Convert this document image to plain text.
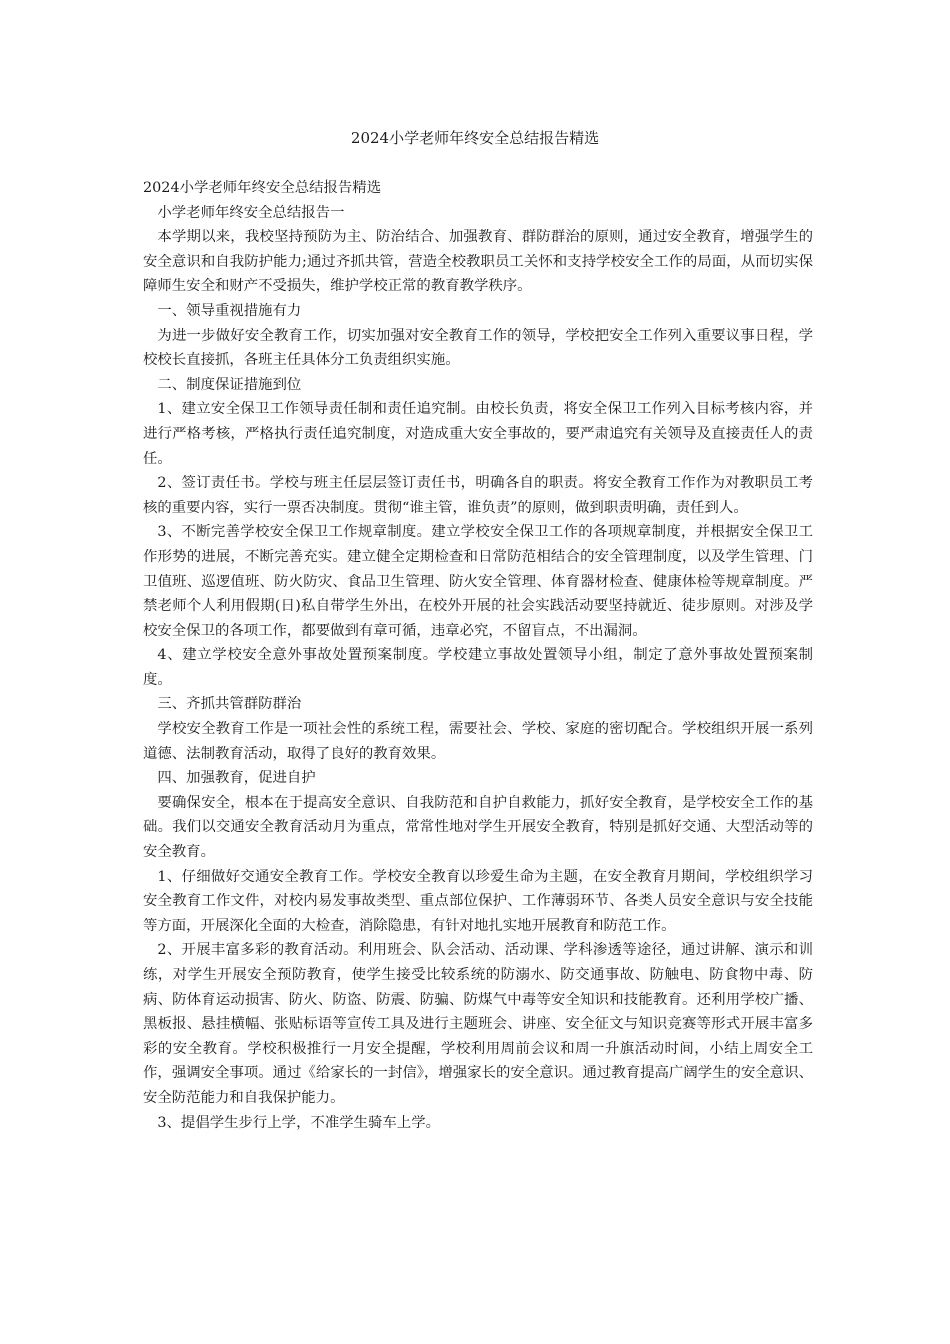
2024小学老师年终安全总结报告精选

2024小学老师年终安全总结报告精选

小学老师年终安全总结报告一

本学期以来，我校坚持预防为主、防治结合、加强教育、群防群治的原则，通过安全教育，增强学生的安全意识和自我防护能力;通过齐抓共管，营造全校教职员工关怀和支持学校安全工作的局面，从而切实保障师生安全和财产不受损失，维护学校正常的教育教学秩序。

一、领导重视措施有力

为进一步做好安全教育工作，切实加强对安全教育工作的领导，学校把安全工作列入重要议事日程，学校校长直接抓，各班主任具体分工负责组织实施。

二、制度保证措施到位

1、建立安全保卫工作领导责任制和责任追究制。由校长负责，将安全保卫工作列入目标考核内容，并进行严格考核，严格执行责任追究制度，对造成重大安全事故的，要严肃追究有关领导及直接责任人的责任。

2、签订责任书。学校与班主任层层签订责任书，明确各自的职责。将安全教育工作作为对教职员工考核的重要内容，实行一票否决制度。贯彻“谁主管，谁负责”的原则，做到职责明确，责任到人。

3、不断完善学校安全保卫工作规章制度。建立学校安全保卫工作的各项规章制度，并根据安全保卫工作形势的进展，不断完善充实。建立健全定期检查和日常防范相结合的安全管理制度，以及学生管理、门卫值班、巡逻值班、防火防灾、食品卫生管理、防火安全管理、体育器材检查、健康体检等规章制度。严禁老师个人利用假期(日)私自带学生外出，在校外开展的社会实践活动要坚持就近、徒步原则。对涉及学校安全保卫的各项工作，都要做到有章可循，违章必究，不留盲点，不出漏洞。

4、建立学校安全意外事故处置预案制度。学校建立事故处置领导小组，制定了意外事故处置预案制度。

三、齐抓共管群防群治

学校安全教育工作是一项社会性的系统工程，需要社会、学校、家庭的密切配合。学校组织开展一系列道德、法制教育活动，取得了良好的教育效果。

四、加强教育，促进自护

要确保安全，根本在于提高安全意识、自我防范和自护自救能力，抓好安全教育，是学校安全工作的基础。我们以交通安全教育活动月为重点，常常性地对学生开展安全教育，特别是抓好交通、大型活动等的安全教育。

1、仔细做好交通安全教育工作。学校安全教育以珍爱生命为主题，在安全教育月期间，学校组织学习安全教育工作文件，对校内易发事故类型、重点部位保护、工作薄弱环节、各类人员安全意识与安全技能等方面，开展深化全面的大检查，消除隐患，有针对地扎实地开展教育和防范工作。

2、开展丰富多彩的教育活动。利用班会、队会活动、活动课、学科渗透等途径，通过讲解、演示和训练，对学生开展安全预防教育，使学生接受比较系统的防溺水、防交通事故、防触电、防食物中毒、防病、防体育运动损害、防火、防盗、防震、防骗、防煤气中毒等安全知识和技能教育。还利用学校广播、黑板报、悬挂横幅、张贴标语等宣传工具及进行主题班会、讲座、安全征文与知识竞赛等形式开展丰富多彩的安全教育。学校积极推行一月安全提醒，学校利用周前会议和周一升旗活动时间，小结上周安全工作，强调安全事项。通过《给家长的一封信》，增强家长的安全意识。通过教育提高广阔学生的安全意识、安全防范能力和自我保护能力。

3、提倡学生步行上学，不准学生骑车上学。
